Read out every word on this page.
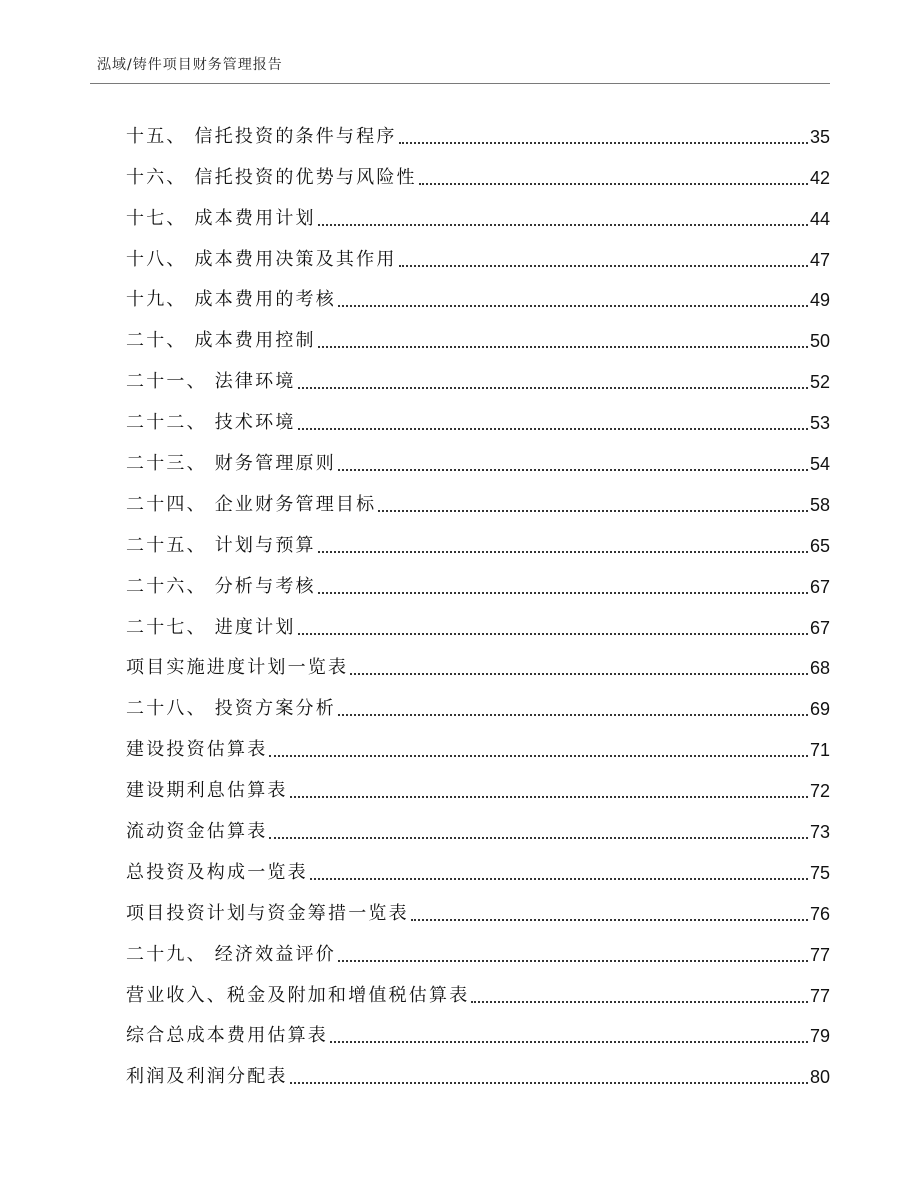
泓域/铸件项目财务管理报告
十五、 信托投资的条件与程序	35
十六、 信托投资的优势与风险性	42
十七、 成本费用计划	44
十八、 成本费用决策及其作用	47
十九、 成本费用的考核	49
二十、 成本费用控制	50
二十一、 法律环境	52
二十二、 技术环境	53
二十三、 财务管理原则	54
二十四、 企业财务管理目标	58
二十五、 计划与预算	65
二十六、 分析与考核	67
二十七、 进度计划	67
项目实施进度计划一览表	68
二十八、 投资方案分析	69
建设投资估算表	71
建设期利息估算表	72
流动资金估算表	73
总投资及构成一览表	75
项目投资计划与资金筹措一览表	76
二十九、 经济效益评价	77
营业收入、税金及附加和增值税估算表	77
综合总成本费用估算表	79
利润及利润分配表	80
